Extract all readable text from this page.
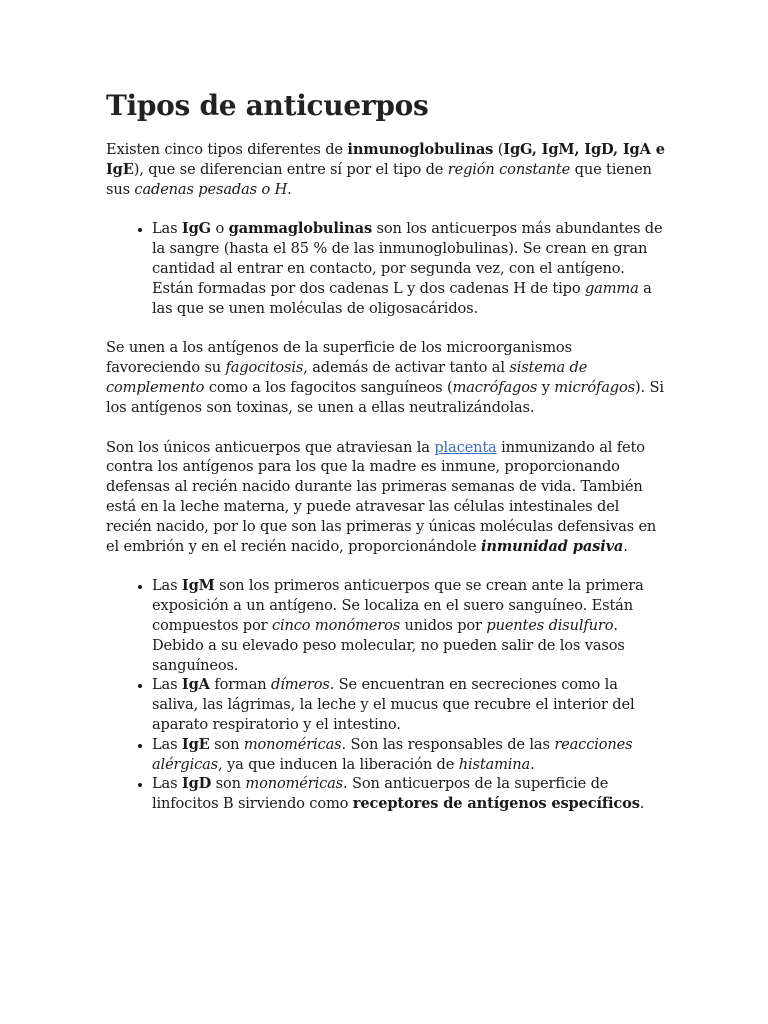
Tipos de anticuerpos

Existen cinco tipos diferentes de inmunoglobulinas (IgG, IgM, IgD, IgA e IgE), que se diferencian entre sí por el tipo de región constante que tienen sus cadenas pesadas o H.

• Las IgG o gammaglobulinas son los anticuerpos más abundantes de la sangre (hasta el 85 % de las inmunoglobulinas). Se crean en gran cantidad al entrar en contacto, por segunda vez, con el antígeno. Están formadas por dos cadenas L y dos cadenas H de tipo gamma a las que se unen moléculas de oligosacáridos.

Se unen a los antígenos de la superficie de los microorganismos favoreciendo su fagocitosis, además de activar tanto al sistema de complemento como a los fagocitos sanguíneos (macrófagos y micrófagos). Si los antígenos son toxinas, se unen a ellas neutralizándolas.

Son los únicos anticuerpos que atraviesan la placenta inmunizando al feto contra los antígenos para los que la madre es inmune, proporcionando defensas al recién nacido durante las primeras semanas de vida. También está en la leche materna, y puede atravesar las células intestinales del recién nacido, por lo que son las primeras y únicas moléculas defensivas en el embrión y en el recién nacido, proporcionándole inmunidad pasiva.

• Las IgM son los primeros anticuerpos que se crean ante la primera exposición a un antígeno. Se localiza en el suero sanguíneo. Están compuestos por cinco monómeros unidos por puentes disulfuro. Debido a su elevado peso molecular, no pueden salir de los vasos sanguíneos.
• Las IgA forman dímeros. Se encuentran en secreciones como la saliva, las lágrimas, la leche y el mucus que recubre el interior del aparato respiratorio y el intestino.
• Las IgE son monoméricas. Son las responsables de las reacciones alérgicas, ya que inducen la liberación de histamina.
• Las IgD son monoméricas. Son anticuerpos de la superficie de linfocitos B sirviendo como receptores de antígenos específicos.
